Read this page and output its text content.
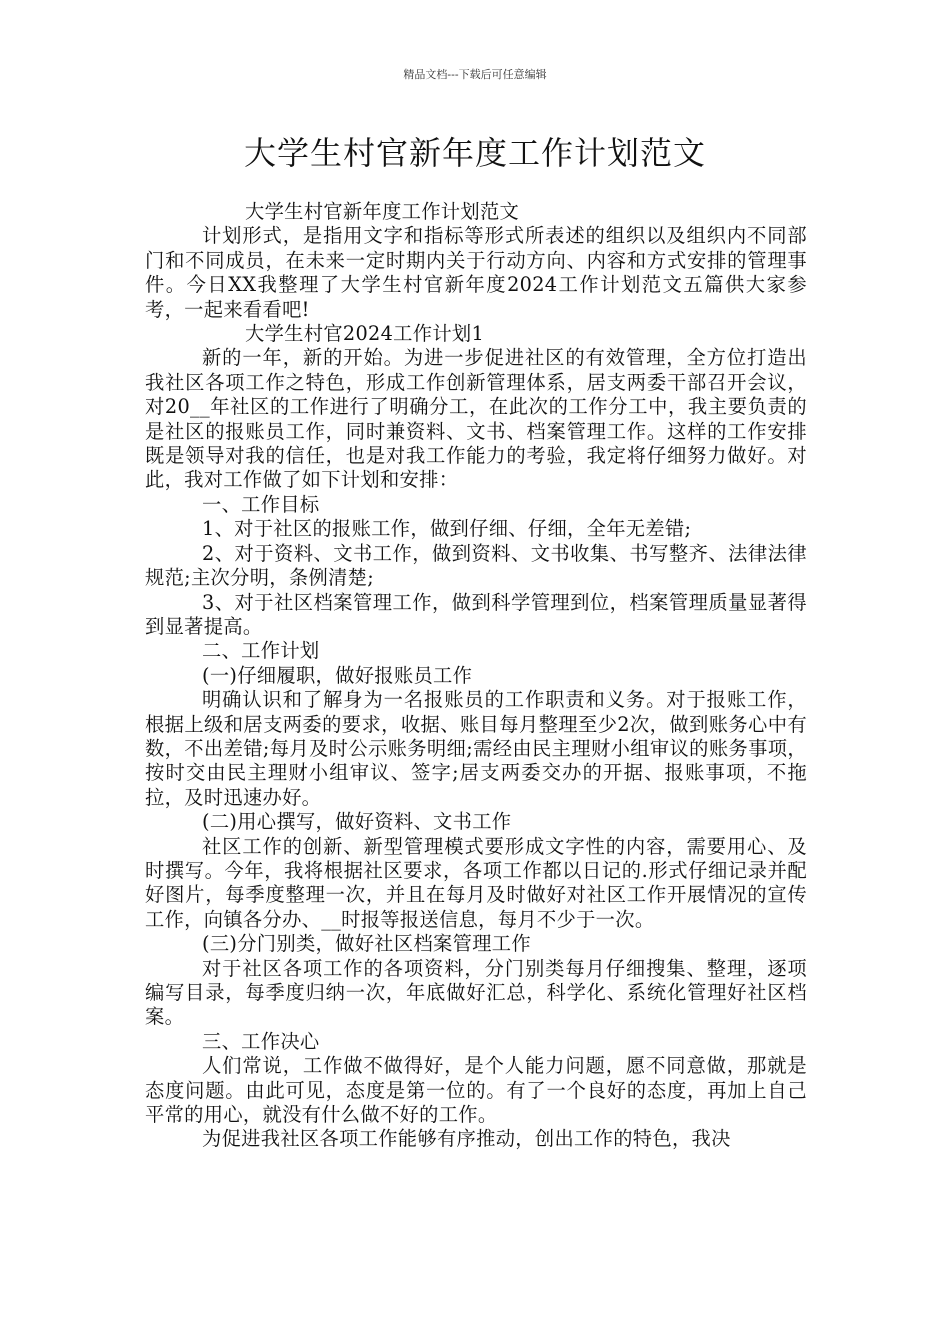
精品文档---下载后可任意编辑
大学生村官新年度工作计划范文

大学生村官新年度工作计划范文

计划形式，是指用文字和指标等形式所表述的组织以及组织内不同部门和不同成员，在未来一定时期内关于行动方向、内容和方式安排的管理事件。今日XX我整理了大学生村官新年度2024工作计划范文五篇供大家参考，一起来看看吧!

大学生村官2024工作计划1

新的一年，新的开始。为进一步促进社区的有效管理，全方位打造出我社区各项工作之特色，形成工作创新管理体系，居支两委干部召开会议，对20__年社区的工作进行了明确分工，在此次的工作分工中，我主要负责的是社区的报账员工作，同时兼资料、文书、档案管理工作。这样的工作安排既是领导对我的信任，也是对我工作能力的考验，我定将仔细努力做好。对此，我对工作做了如下计划和安排：

一、工作目标

1、对于社区的报账工作，做到仔细、仔细，全年无差错;

2、对于资料、文书工作，做到资料、文书收集、书写整齐、法律法律规范;主次分明，条例清楚;

3、对于社区档案管理工作，做到科学管理到位，档案管理质量显著得到显著提高。

二、工作计划

(一)仔细履职，做好报账员工作

明确认识和了解身为一名报账员的工作职责和义务。对于报账工作，根据上级和居支两委的要求，收据、账目每月整理至少2次，做到账务心中有数，不出差错;每月及时公示账务明细;需经由民主理财小组审议的账务事项，按时交由民主理财小组审议、签字;居支两委交办的开据、报账事项，不拖拉，及时迅速办好。

(二)用心撰写，做好资料、文书工作

社区工作的创新、新型管理模式要形成文字性的内容，需要用心、及时撰写。今年，我将根据社区要求，各项工作都以日记的.形式仔细记录并配好图片，每季度整理一次，并且在每月及时做好对社区工作开展情况的宣传工作，向镇各分办、__时报等报送信息，每月不少于一次。

(三)分门别类，做好社区档案管理工作

对于社区各项工作的各项资料，分门别类每月仔细搜集、整理，逐项编写目录，每季度归纳一次，年底做好汇总，科学化、系统化管理好社区档案。

三、工作决心

人们常说，工作做不做得好，是个人能力问题，愿不同意做，那就是态度问题。由此可见，态度是第一位的。有了一个良好的态度，再加上自己平常的用心，就没有什么做不好的工作。

为促进我社区各项工作能够有序推动，创出工作的特色，我决
